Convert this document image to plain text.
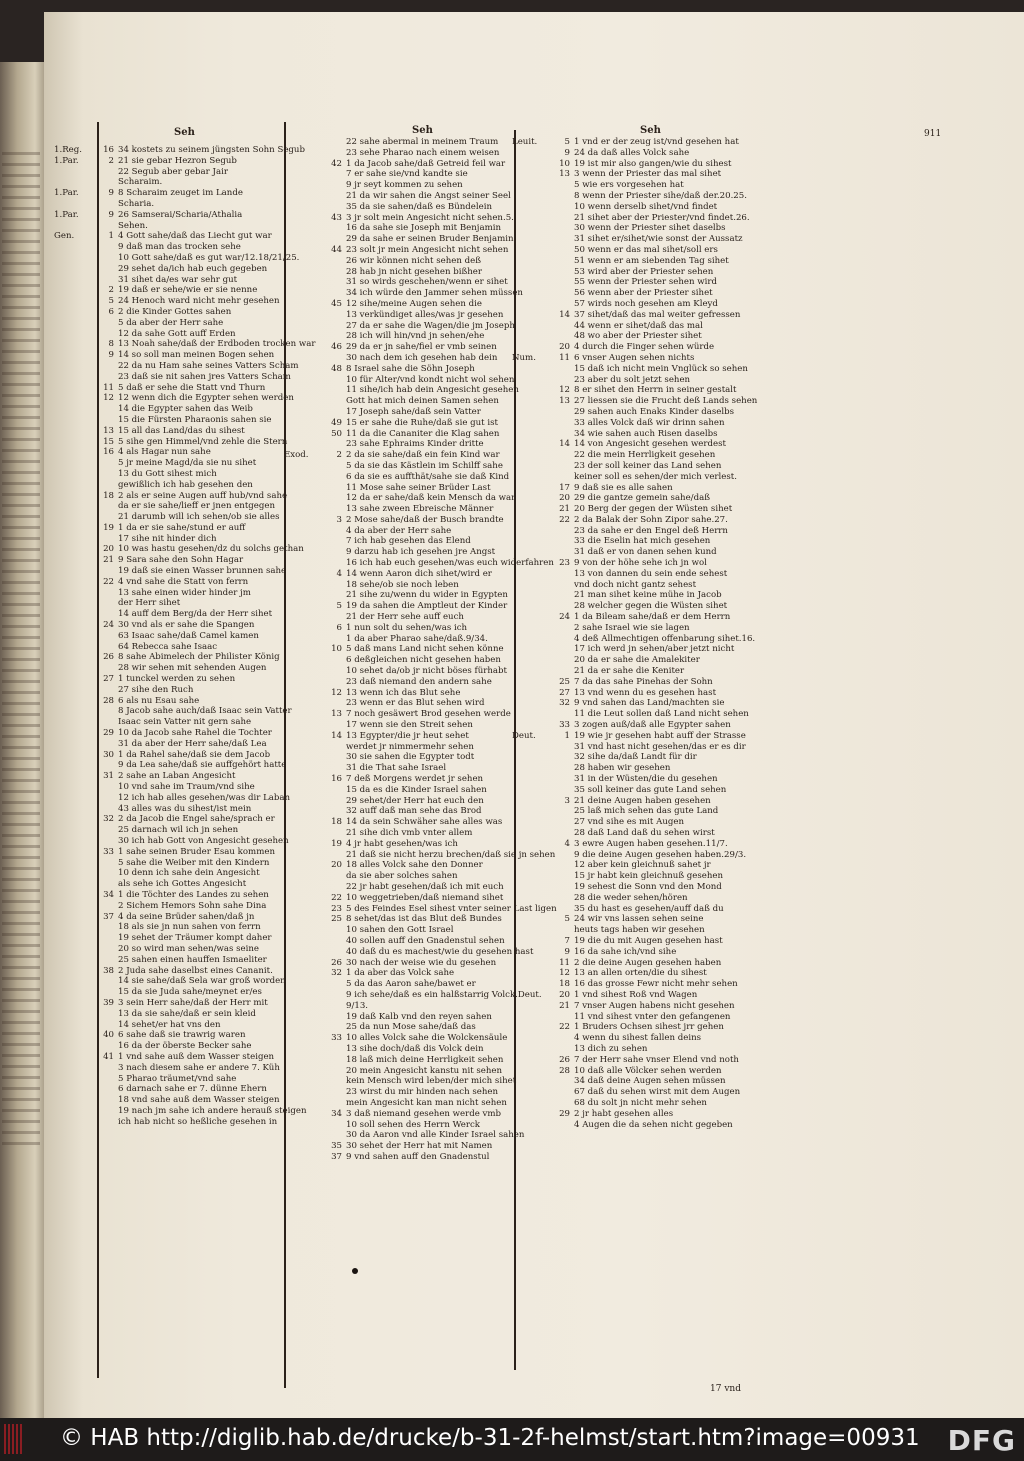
Seh	Seh	Seh	911
1.Reg.	16 34 kostets zu seinem jüngsten Sohn Segub
1.Par.	2 21 sie gebar Hezron Segub
22 Segub aber gebar Jair
Scharaim.
1.Par.	9 8 Scharaim zeuget im Lande
Scharia.
1.Par.	9 26 Samserai/Scharia/Athalia
Sehen.
Gen.	1 4 Gott sahe/daß das Liecht gut war
9 daß man das trocken sehe
10 Gott sahe/daß es gut war/12.18/21/25.
29 sehet da/ich hab euch gegeben
31 sihet da/es war sehr gut
2 19 daß er sehe/wie er sie nenne
5 24 Henoch ward nicht mehr gesehen
6 2 die Kinder Gottes sahen
5 da aber der Herr sahe
12 da sahe Gott auff Erden
8 13 Noah sahe/daß der Erdboden trocken war
9 14 so soll man meinen Bogen sehen
22 da nu Ham sahe seines Vatters Scham
23 daß sie nit sahen jres Vatters Scham
11 5 daß er sehe die Statt vnd Thurn
12 12 wenn dich die Egypter sehen werden
14 die Egypter sahen das Weib
15 die Fürsten Pharaonis sahen sie
13 15 all das Land/das du sihest
15 5 sihe gen Himmel/vnd zehle die Stern
16 4 als Hagar nun sahe
5 jr meine Magd/da sie nu sihet
13 du Gott sihest mich
gewißlich ich hab gesehen den
18 2 als er seine Augen auff hub/vnd sahe
da er sie sahe/lieff er jnen entgegen
21 darumb will ich sehen/ob sie alles
19 1 da er sie sahe/stund er auff
17 sihe nit hinder dich
20 10 was hastu gesehen/dz du solchs gethan
21 9 Sara sahe den Sohn Hagar
19 daß sie einen Wasser brunnen sahe
22 4 vnd sahe die Statt von ferrn
13 sahe einen wider hinder jm
der Herr sihet
14 auff dem Berg/da der Herr sihet
24 30 vnd als er sahe die Spangen
63 Isaac sahe/daß Camel kamen
64 Rebecca sahe Isaac
26 8 sahe Abimelech der Philister König
28 wir sehen mit sehenden Augen
27 1 tunckel werden zu sehen
27 sihe den Ruch
28 6 als nu Esau sahe
8 Jacob sahe auch/daß Isaac sein Vatter
Isaac sein Vatter nit gern sahe
29 10 da Jacob sahe Rahel die Tochter
31 da aber der Herr sahe/daß Lea
30 1 da Rahel sahe/daß sie dem Jacob
9 da Lea sahe/daß sie auffgehört hatte
31 2 sahe an Laban Angesicht
10 vnd sahe im Traum/vnd sihe
12 ich hab alles gesehen/was dir Laban
43 alles was du sihest/ist mein
32 2 da Jacob die Engel sahe/sprach er
25 darnach wil ich jn sehen
30 ich hab Gott von Angesicht gesehen
33 1 sahe seinen Bruder Esau kommen
5 sahe die Weiber mit den Kindern
10 denn ich sahe dein Angesicht
als sehe ich Gottes Angesicht
34 1 die Töchter des Landes zu sehen
2 Sichem Hemors Sohn sahe Dina
37 4 da seine Brüder sahen/daß jn
18 als sie jn nun sahen von ferrn
19 sehet der Träumer kompt daher
20 so wird man sehen/was seine
25 sahen einen hauffen Ismaeliter
38 2 Juda sahe daselbst eines Cananit.
14 sie sahe/daß Sela war groß worden
15 da sie Juda sahe/meynet er/es
39 3 sein Herr sahe/daß der Herr mit
13 da sie sahe/daß er sein kleid
14 sehet/er hat vns den
40 6 sahe daß sie trawrig waren
16 da der öberste Becker sahe
41 1 vnd sahe auß dem Wasser steigen
3 nach diesem sahe er andere 7. Küh
5 Pharao träumet/vnd sahe
6 darnach sahe er 7. dünne Ehern
18 vnd sahe auß dem Wasser steigen
19 nach jm sahe ich andere herauß steigen
ich hab nicht so heßliche gesehen in
22 sahe abermal in meinem Traum
23 sehe Pharao nach einem weisen
42 1 da Jacob sahe/daß Getreid feil war
7 er sahe sie/vnd kandte sie
9 jr seyt kommen zu sehen
21 da wir sahen die Angst seiner Seel
35 da sie sahen/daß es Bündelein
43 3 jr solt mein Angesicht nicht sehen.5.
16 da sahe sie Joseph mit Benjamin
29 da sahe er seinen Bruder Benjamin
44 23 solt jr mein Angesicht nicht sehen
26 wir können nicht sehen deß
28 hab jn nicht gesehen bißher
31 so wirds geschehen/wenn er sihet
34 ich würde den Jammer sehen müssen
45 12 sihe/meine Augen sehen die
13 verkündiget alles/was jr gesehen
27 da er sahe die Wagen/die jm Joseph
28 ich will hin/vnd jn sehen/ehe
46 29 da er jn sahe/fiel er vmb seinen
30 nach dem ich gesehen hab dein
48 8 Israel sahe die Söhn Joseph
10 für Alter/vnd kondt nicht wol sehen
11 sihe/ich hab dein Angesicht gesehen
Gott hat mich deinen Samen sehen
17 Joseph sahe/daß sein Vatter
49 15 er sahe die Ruhe/daß sie gut ist
50 11 da die Cananiter die Klag sahen
23 sahe Ephraims Kinder dritte
Exod.	2 2 da sie sahe/daß ein fein Kind war
5 da sie das Kästlein im Schilff sahe
6 da sie es auffthät/sahe sie daß Kind
11 Mose sahe seiner Brüder Last
12 da er sahe/daß kein Mensch da war
13 sahe zween Ebreische Männer
3 2 Mose sahe/daß der Busch brandte
4 da aber der Herr sahe
7 ich hab gesehen das Elend
9 darzu hab ich gesehen jre Angst
16 ich hab euch gesehen/was euch widerfahren
4 14 wenn Aaron dich sihet/wird er
18 sehe/ob sie noch leben
21 sihe zu/wenn du wider in Egypten
5 19 da sahen die Amptleut der Kinder
21 der Herr sehe auff euch
6 1 nun solt du sehen/was ich
1 da aber Pharao sahe/daß.9/34.
10 5 daß mans Land nicht sehen könne
6 deßgleichen nicht gesehen haben
10 sehet da/ob jr nicht böses fürhabt
23 daß niemand den andern sahe
12 13 wenn ich das Blut sehe
23 wenn er das Blut sehen wird
13 7 noch gesäwert Brod gesehen werde
17 wenn sie den Streit sehen
14 13 Egypter/die jr heut sehet
werdet jr nimmermehr sehen
30 sie sahen die Egypter todt
31 die That sahe Israel
16 7 deß Morgens werdet jr sehen
15 da es die Kinder Israel sahen
29 sehet/der Herr hat euch den
32 auff daß man sehe das Brod
18 14 da sein Schwäher sahe alles was
21 sihe dich vmb vnter allem
19 4 jr habt gesehen/was ich
21 daß sie nicht herzu brechen/daß sie jn sehen
20 18 alles Volck sahe den Donner
da sie aber solches sahen
22 jr habt gesehen/daß ich mit euch
22 10 weggetrieben/daß niemand sihet
23 5 des Feindes Esel sihest vnter seiner Last ligen
25 8 sehet/das ist das Blut deß Bundes
10 sahen den Gott Israel
40 sollen auff den Gnadenstul sehen
40 daß du es machest/wie du gesehen hast
26 30 nach der weise wie du gesehen
32 1 da aber das Volck sahe
5 da das Aaron sahe/bawet er
9 ich sehe/daß es ein halßstarrig Volck.Deut.
9/13.
19 daß Kalb vnd den reyen sahen
25 da nun Mose sahe/daß das
33 10 alles Volck sahe die Wolckensäule
13 sihe doch/daß dis Volck dein
18 laß mich deine Herrligkeit sehen
20 mein Angesicht kanstu nit sehen
kein Mensch wird leben/der mich sihet
23 wirst du mir hinden nach sehen
mein Angesicht kan man nicht sehen
34 3 daß niemand gesehen werde vmb
10 soll sehen des Herrn Werck
30 da Aaron vnd alle Kinder Israel sahen
35 30 sehet der Herr hat mit Namen
37 9 vnd sahen auff den Gnadenstul
Leuit.	5 1 vnd er der zeug ist/vnd gesehen hat
9 24 da daß alles Volck sahe
10 19 ist mir also gangen/wie du sihest
13 3 wenn der Priester das mal sihet
5 wie ers vorgesehen hat
8 wenn der Priester sihe/daß der.20.25.
10 wenn derselb sihet/vnd findet
21 sihet aber der Priester/vnd findet.26.
30 wenn der Priester sihet daselbs
31 sihet er/sihet/wie sonst der Aussatz
50 wenn er das mal sihet/soll ers
51 wenn er am siebenden Tag sihet
53 wird aber der Priester sehen
55 wenn der Priester sehen wird
56 wenn aber der Priester sihet
57 wirds noch gesehen am Kleyd
14 37 sihet/daß das mal weiter gefressen
44 wenn er sihet/daß das mal
48 wo aber der Priester sihet
20 4 durch die Finger sehen würde
Num.	11 6 vnser Augen sehen nichts
15 daß ich nicht mein Vnglück so sehen
23 aber du solt jetzt sehen
12 8 er sihet den Herrn in seiner gestalt
13 27 liessen sie die Frucht deß Lands sehen
29 sahen auch Enaks Kinder daselbs
33 alles Volck daß wir drinn sahen
34 wie sahen auch Risen daselbs
14 14 von Angesicht gesehen werdest
22 die mein Herrligkeit gesehen
23 der soll keiner das Land sehen
keiner soll es sehen/der mich verlest.
17 9 daß sie es alle sahen
20 29 die gantze gemein sahe/daß
21 20 Berg der gegen der Wüsten sihet
22 2 da Balak der Sohn Zipor sahe.27.
23 da sahe er den Engel deß Herrn
33 die Eselin hat mich gesehen
31 daß er von danen sehen kund
23 9 von der höhe sehe ich jn wol
13 von dannen du sein ende sehest
vnd doch nicht gantz sehest
21 man sihet keine mühe in Jacob
28 welcher gegen die Wüsten sihet
24 1 da Bileam sahe/daß er dem Herrn
2 sahe Israel wie sie lagen
4 deß Allmechtigen offenbarung sihet.16.
17 ich werd jn sehen/aber jetzt nicht
20 da er sahe die Amalekiter
21 da er sahe die Keniter
25 7 da das sahe Pinehas der Sohn
27 13 vnd wenn du es gesehen hast
32 9 vnd sahen das Land/machten sie
11 die Leut sollen daß Land nicht sehen
33 3 zogen auß/daß alle Egypter sahen
Deut.	1 19 wie jr gesehen habt auff der Strasse
31 vnd hast nicht gesehen/das er es dir
32 sihe da/daß Landt für dir
28 haben wir gesehen
31 in der Wüsten/die du gesehen
35 soll keiner das gute Land sehen
3 21 deine Augen haben gesehen
25 laß mich sehen das gute Land
27 vnd sihe es mit Augen
28 daß Land daß du sehen wirst
4 3 ewre Augen haben gesehen.11/7.
9 die deine Augen gesehen haben.29/3.
12 aber kein gleichnuß sahet jr
15 jr habt kein gleichnuß gesehen
19 sehest die Sonn vnd den Mond
28 die weder sehen/hören
35 du hast es gesehen/auff daß du
5 24 wir vns lassen sehen seine
heuts tags haben wir gesehen
7 19 die du mit Augen gesehen hast
9 16 da sahe ich/vnd sihe
11 2 die deine Augen gesehen haben
12 13 an allen orten/die du sihest
18 16 das grosse Fewr nicht mehr sehen
20 1 vnd sihest Roß vnd Wagen
21 7 vnser Augen habens nicht gesehen
11 vnd sihest vnter den gefangenen
22 1 Bruders Ochsen sihest jrr gehen
4 wenn du sihest fallen deins
13 dich zu sehen
26 7 der Herr sahe vnser Elend vnd noth
28 10 daß alle Völcker sehen werden
34 daß deine Augen sehen müssen
67 daß du sehen wirst mit dem Augen
68 du solt jn nicht mehr sehen
29 2 jr habt gesehen alles
4 Augen die da sehen nicht gegeben
17 vnd
© HAB http://diglib.hab.de/drucke/b-31-2f-helmst/start.htm?image=00931 DFG
